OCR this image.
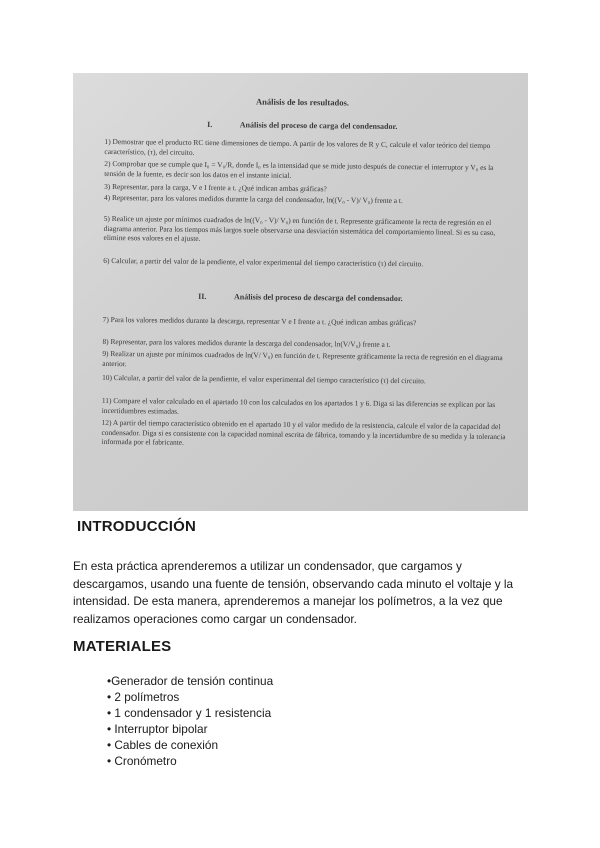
Análisis de los resultados.
I.	Análisis del proceso de carga del condensador.
1) Demostrar que el producto RC tiene dimensiones de tiempo. A partir de los valores de R y C, calcule el valor teórico del tiempo característico, (τ), del circuito.
2) Comprobar que se cumple que I₀ = V₀/R, donde I₀ es la intensidad que se mide justo después de conectar el interruptor y V₀ es la tensión de la fuente, es decir son los datos en el instante inicial.
3) Representar, para la carga, V e I frente a t. ¿Qué indican ambas gráficas?
4) Representar, para los valores medidos durante la carga del condensador, ln((V₀ - V)/ V₀) frente a t.
5) Realice un ajuste por mínimos cuadrados de ln((V₀ - V)/ V₀) en función de t. Represente gráficamente la recta de regresión en el diagrama anterior. Para los tiempos más largos suele observarse una desviación sistemática del comportamiento lineal. Si es su caso, elimine esos valores en el ajuste.
6) Calcular, a partir del valor de la pendiente, el valor experimental del tiempo característico (τ) del circuito.
II.	Análisis del proceso de descarga del condensador.
7) Para los valores medidos durante la descarga, representar V e I frente a t. ¿Qué indican ambas gráficas?
8) Representar, para los valores medidos durante la descarga del condensador, ln(V/V₀) frente a t.
9) Realizar un ajuste por mínimos cuadrados de ln(V/ V₀) en función de t. Represente gráficamente la recta de regresión en el diagrama anterior.
10) Calcular, a partir del valor de la pendiente, el valor experimental del tiempo característico (τ) del circuito.
11) Compare el valor calculado en el apartado 10 con los calculados en los apartados 1 y 6. Diga si las diferencias se explican por las incertidumbres estimadas.
12) A partir del tiempo característico obtenido en el apartado 10 y el valor medido de la resistencia, calcule el valor de la capacidad del condensador. Diga si es consistente con la capacidad nominal escrita de fábrica, tomando y la incertidumbre de su medida y la tolerancia informada por el fabricante.
INTRODUCCIÓN
En esta práctica aprenderemos a utilizar un condensador, que cargamos y descargamos, usando una fuente de tensión, observando cada minuto el voltaje y la intensidad. De esta manera, aprenderemos a manejar los polímetros, a la vez que realizamos operaciones como cargar un condensador.
MATERIALES
•Generador de tensión continua
• 2 polímetros
• 1 condensador y 1 resistencia
• Interruptor bipolar
• Cables de conexión
• Cronómetro
